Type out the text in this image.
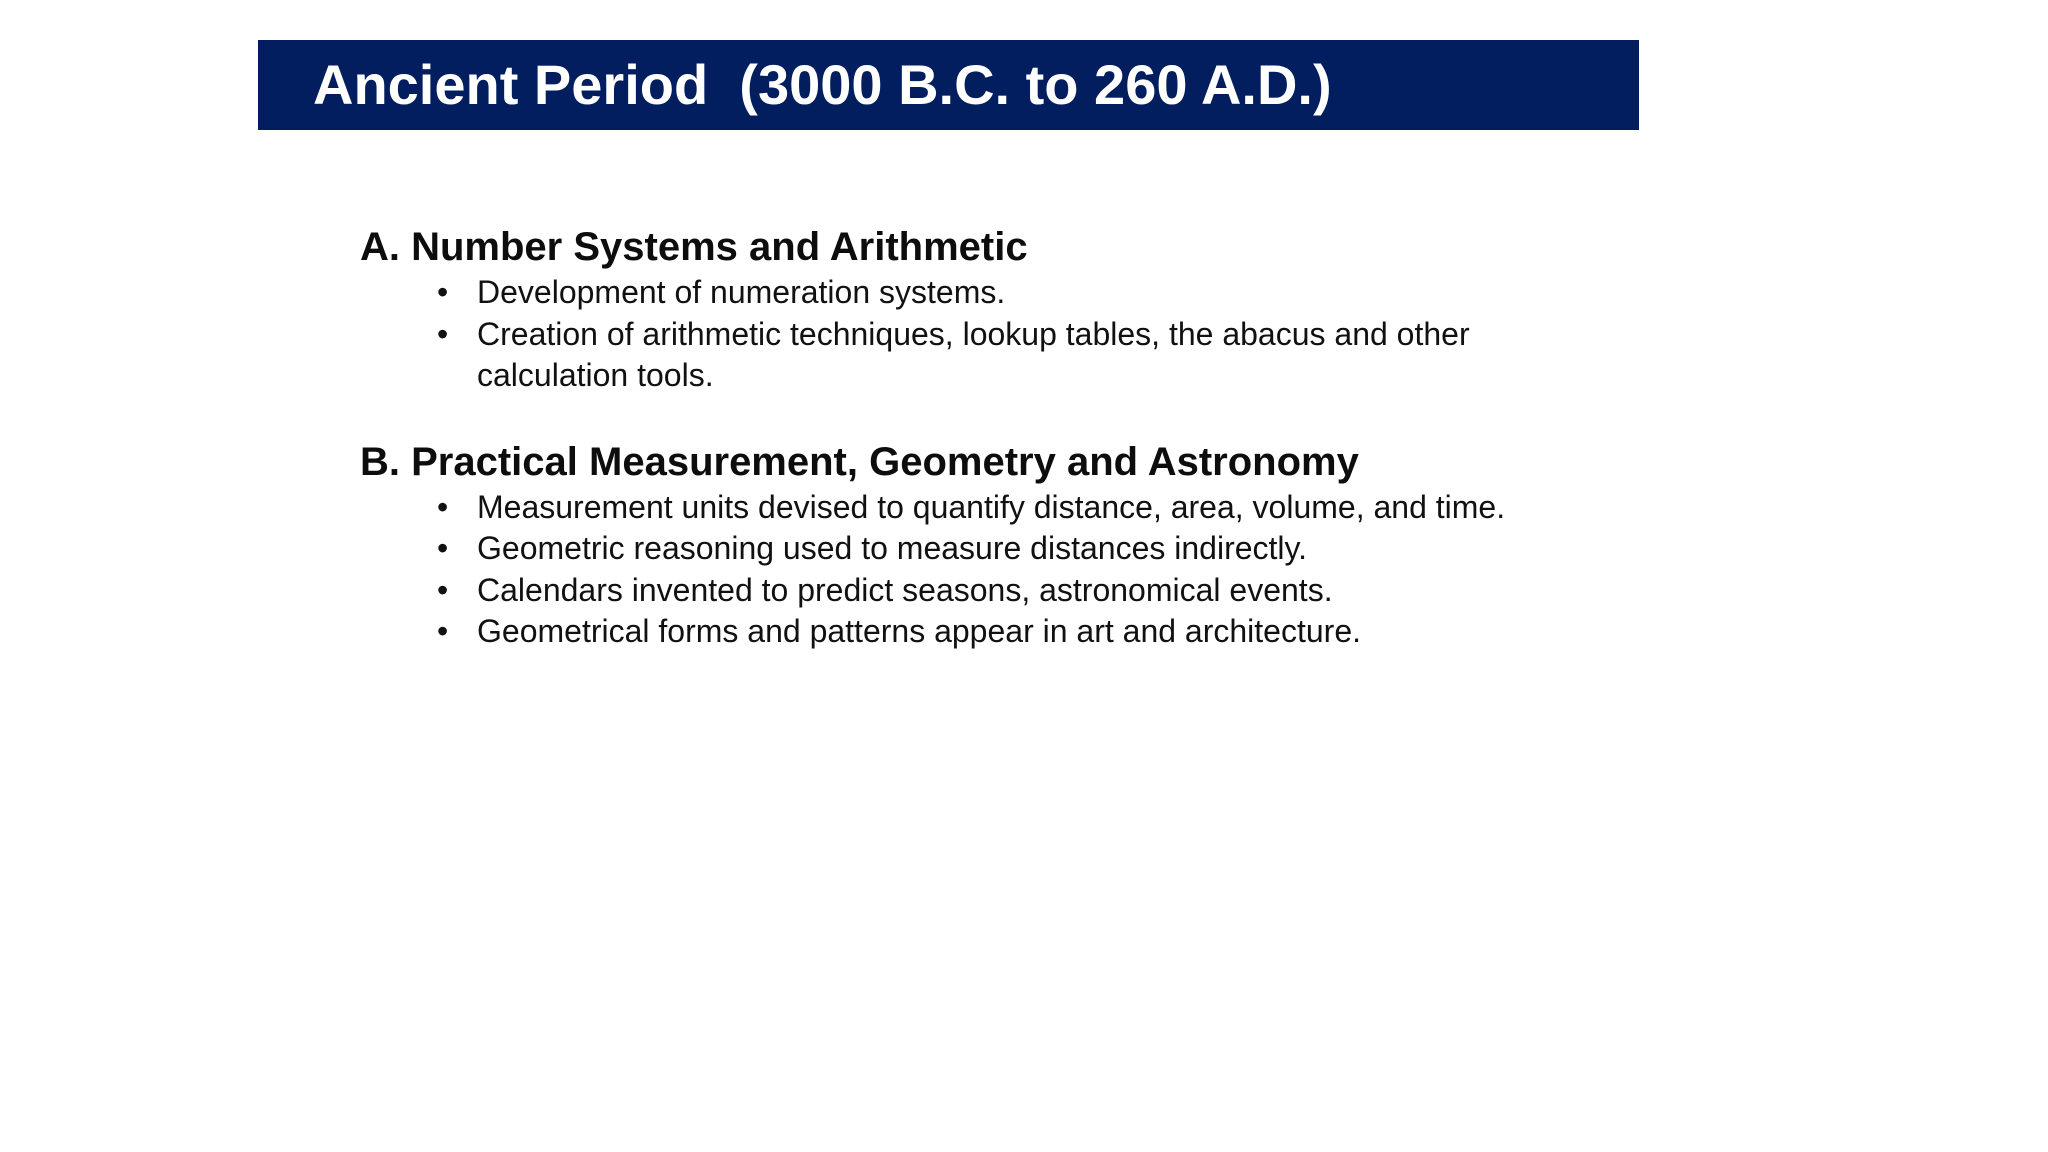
Ancient Period  (3000 B.C. to 260 A.D.)
A. Number Systems and Arithmetic
• Development of numeration systems.
• Creation of arithmetic techniques, lookup tables, the abacus and other calculation tools.
B. Practical Measurement, Geometry and Astronomy
• Measurement units devised to quantify distance, area, volume, and time.
• Geometric reasoning used to measure distances indirectly.
• Calendars invented to predict seasons, astronomical events.
• Geometrical forms and patterns appear in art and architecture.
